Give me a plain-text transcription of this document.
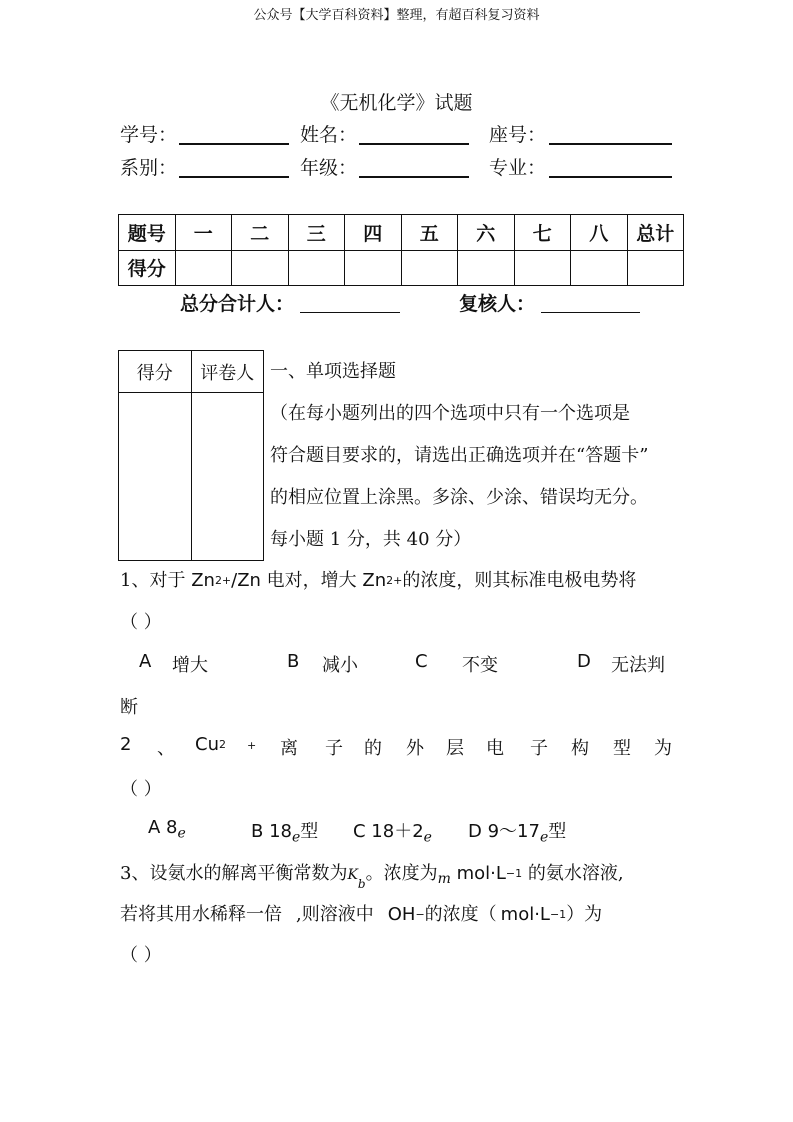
公众号【大学百科资料】整理，有超百科复习资料
《无机化学》试题
学号：	姓名：	座号：
系别：	年级：	专业：
题号	一	二	三	四	五	六	七	八	总计
得分									
总分合计人：	复核人：
得分	评卷人
	一、单项选择题
（在每小题列出的四个选项中只有一个选项是
符合题目要求的，请选出正确选项并在“答题卡”
的相应位置上涂黑。多涂、少涂、错误均无分。
每小题 1 分，共 40 分）
1、对于 $Zn^{2+}/Zn$ 电对，增大 $Zn^{2+}$的浓度，则其标准电极电势将
（ ）
A 增大	B 减小	C 不变	D 无法判
断
2 、 $Cu^2$ + 离 子 的 外 层 电 子 构 型 为
（ ）
A $8_e$	B $18_e$型 C $18+2_e$ D $9\sim 17_e$型
3、设氨水的解离平衡常数为$K_b$。浓度为$_m$ $mol\cdot L^{-1}$ 的氨水溶液,
若将其用水稀释一倍 ,则溶液中 OH−的浓度（ $mol\cdot L^{-1}$）为
（ ）
